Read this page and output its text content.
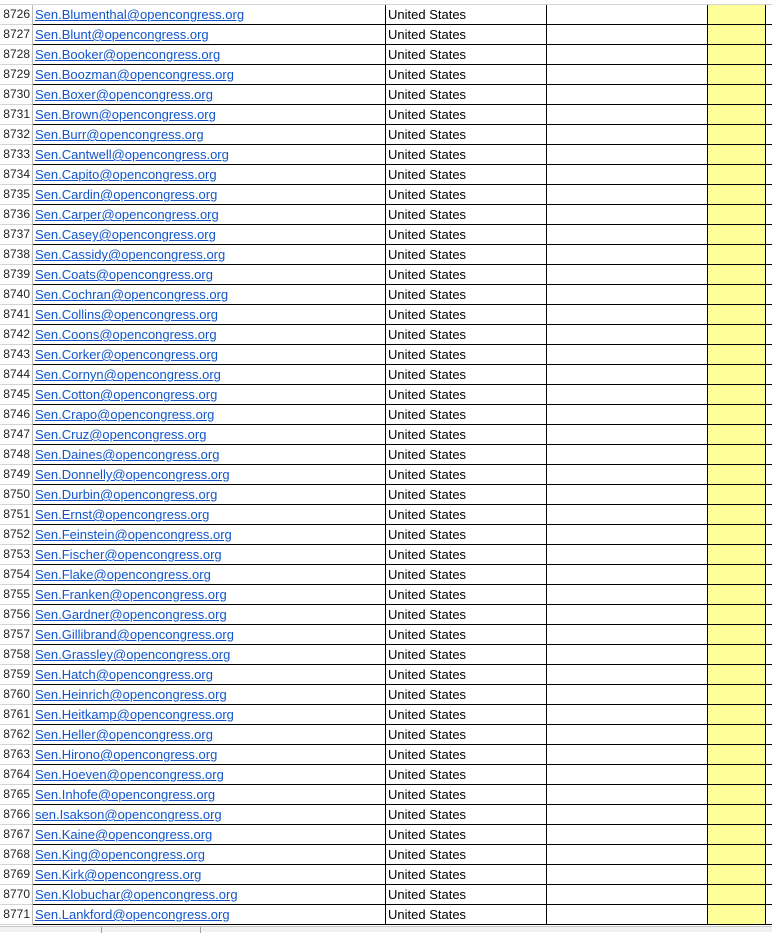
8726 Sen.Blumenthal@opencongress.org	United States
8727 Sen.Blunt@opencongress.org	United States
8728 Sen.Booker@opencongress.org	United States
8729 Sen.Boozman@opencongress.org	United States
8730 Sen.Boxer@opencongress.org	United States
8731 Sen.Brown@opencongress.org	United States
8732 Sen.Burr@opencongress.org	United States
8733 Sen.Cantwell@opencongress.org	United States
8734 Sen.Capito@opencongress.org	United States
8735 Sen.Cardin@opencongress.org	United States
8736 Sen.Carper@opencongress.org	United States
8737 Sen.Casey@opencongress.org	United States
8738 Sen.Cassidy@opencongress.org	United States
8739 Sen.Coats@opencongress.org	United States
8740 Sen.Cochran@opencongress.org	United States
8741 Sen.Collins@opencongress.org	United States
8742 Sen.Coons@opencongress.org	United States
8743 Sen.Corker@opencongress.org	United States
8744 Sen.Cornyn@opencongress.org	United States
8745 Sen.Cotton@opencongress.org	United States
8746 Sen.Crapo@opencongress.org	United States
8747 Sen.Cruz@opencongress.org	United States
8748 Sen.Daines@opencongress.org	United States
8749 Sen.Donnelly@opencongress.org	United States
8750 Sen.Durbin@opencongress.org	United States
8751 Sen.Ernst@opencongress.org	United States
8752 Sen.Feinstein@opencongress.org	United States
8753 Sen.Fischer@opencongress.org	United States
8754 Sen.Flake@opencongress.org	United States
8755 Sen.Franken@opencongress.org	United States
8756 Sen.Gardner@opencongress.org	United States
8757 Sen.Gillibrand@opencongress.org	United States
8758 Sen.Grassley@opencongress.org	United States
8759 Sen.Hatch@opencongress.org	United States
8760 Sen.Heinrich@opencongress.org	United States
8761 Sen.Heitkamp@opencongress.org	United States
8762 Sen.Heller@opencongress.org	United States
8763 Sen.Hirono@opencongress.org	United States
8764 Sen.Hoeven@opencongress.org	United States
8765 Sen.Inhofe@opencongress.org	United States
8766 sen.Isakson@opencongress.org	United States
8767 Sen.Kaine@opencongress.org	United States
8768 Sen.King@opencongress.org	United States
8769 Sen.Kirk@opencongress.org	United States
8770 Sen.Klobuchar@opencongress.org	United States
8771 Sen.Lankford@opencongress.org	United States
